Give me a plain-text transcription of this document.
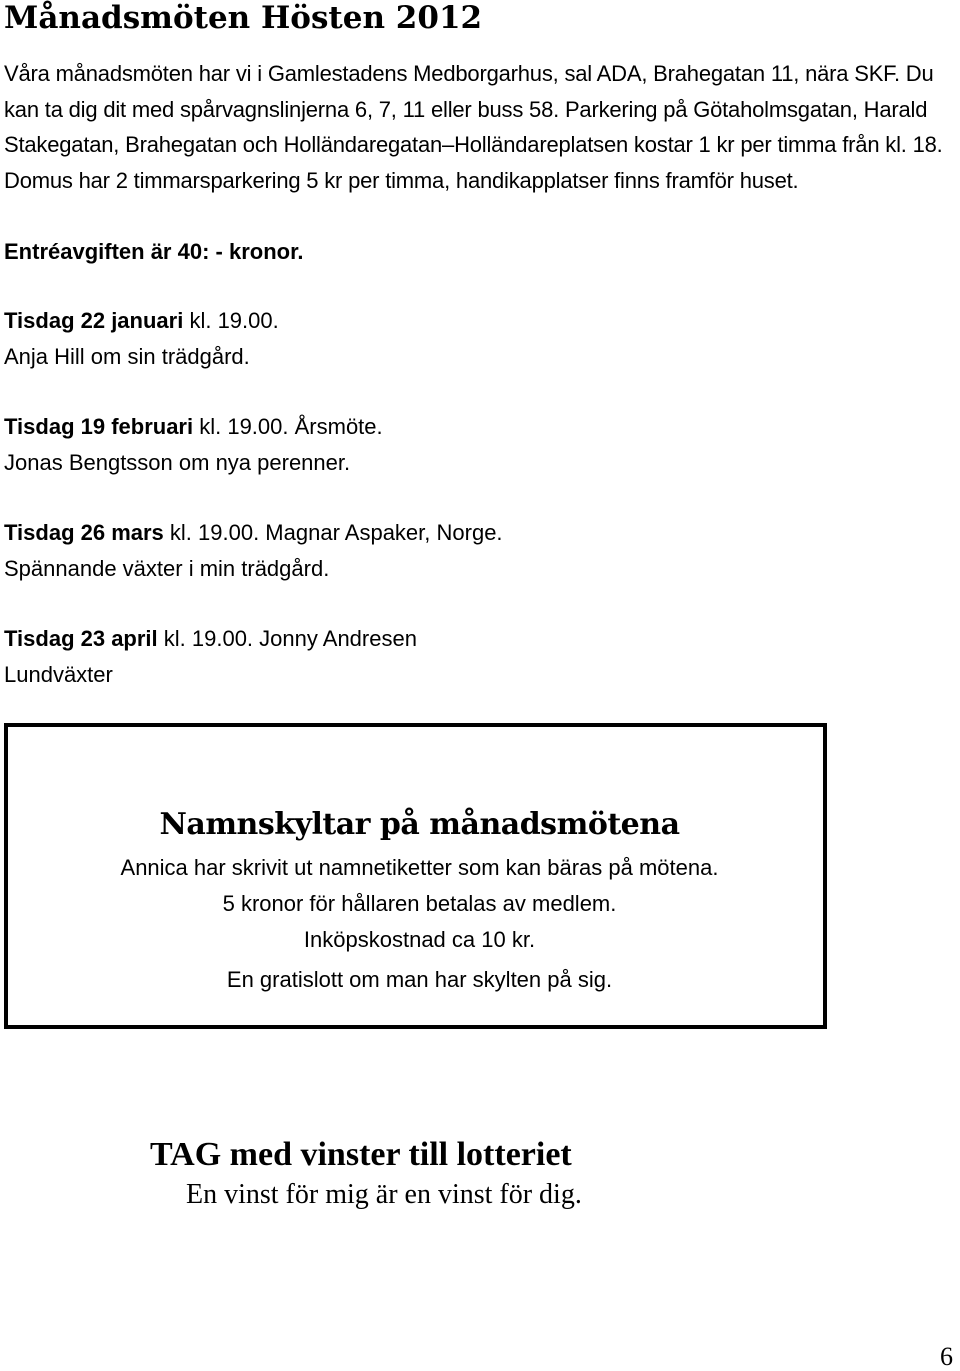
Månadsmöten Hösten 2012

Våra månadsmöten har vi i Gamlestadens Medborgarhus, sal ADA, Brahegatan 11, nära SKF. Du kan ta dig dit med spårvagnslinjerna 6, 7, 11 eller buss 58. Parkering på Götaholmsgatan, Harald Stakegatan, Brahegatan och Holländaregatan–Holländareplatsen kostar 1 kr per timma från kl. 18. Domus har 2 timmarsparkering 5 kr per timma, handikapplatser finns framför huset.

Entréavgiften är 40: - kronor.
Tisdag 22 januari kl. 19.00.
Anja Hill om sin trädgård.
Tisdag 19 februari kl. 19.00. Årsmöte.
Jonas Bengtsson om nya perenner.
Tisdag 26 mars kl. 19.00. Magnar Aspaker, Norge.
Spännande växter i min trädgård.
Tisdag 23 april kl. 19.00. Jonny Andresen
Lundväxter
Namnskyltar på månadsmötena
Annica har skrivit ut namnetiketter som kan bäras på mötena.
5 kronor för hållaren betalas av medlem.
Inköpskostnad ca 10 kr.
En gratislott om man har skylten på sig.
TAG med vinster till lotteriet
En vinst för mig är en vinst för dig.
6
